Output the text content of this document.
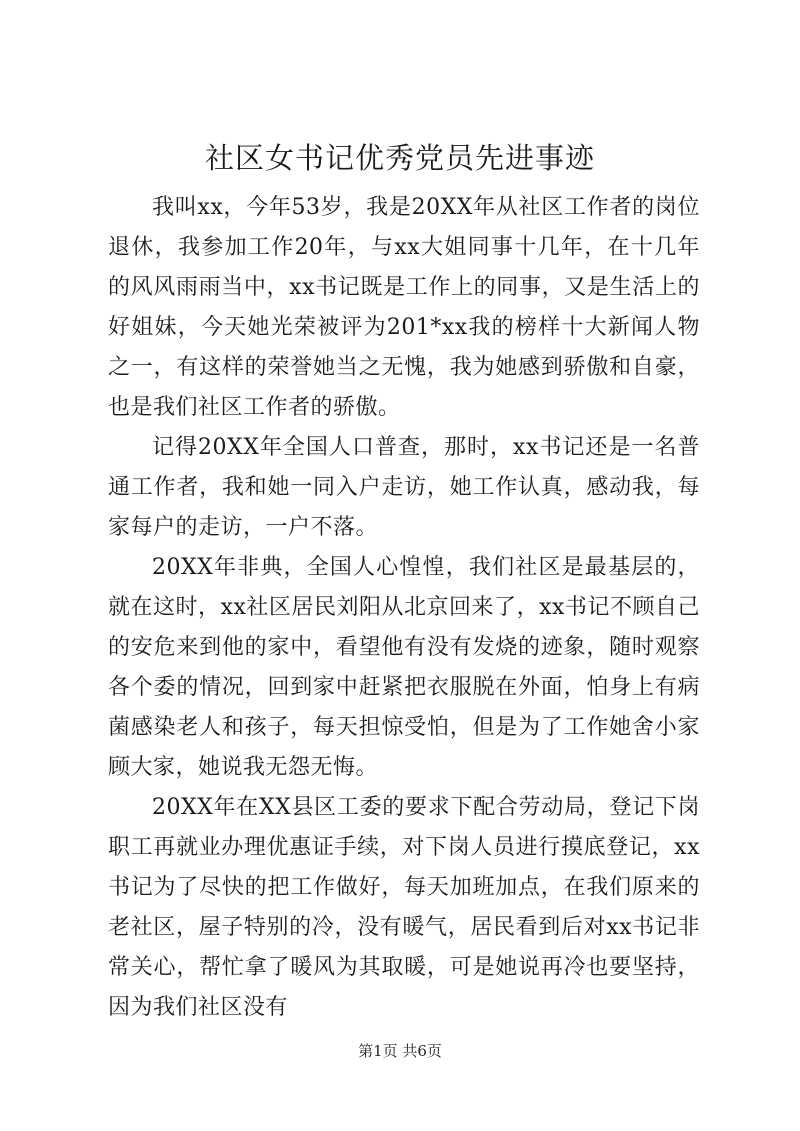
社区女书记优秀党员先进事迹

我叫xx，今年53岁，我是20XX年从社区工作者的岗位退休，我参加工作20年，与xx大姐同事十几年，在十几年的风风雨雨当中，xx书记既是工作上的同事，又是生活上的好姐妹，今天她光荣被评为201*xx我的榜样十大新闻人物之一，有这样的荣誉她当之无愧，我为她感到骄傲和自豪，也是我们社区工作者的骄傲。

记得20XX年全国人口普查，那时，xx书记还是一名普通工作者，我和她一同入户走访，她工作认真，感动我，每家每户的走访，一户不落。

20XX年非典，全国人心惶惶，我们社区是最基层的，就在这时，xx社区居民刘阳从北京回来了，xx书记不顾自己的安危来到他的家中，看望他有没有发烧的迹象，随时观察各个委的情况，回到家中赶紧把衣服脱在外面，怕身上有病菌感染老人和孩子，每天担惊受怕，但是为了工作她舍小家顾大家，她说我无怨无悔。

20XX年在XX县区工委的要求下配合劳动局，登记下岗职工再就业办理优惠证手续，对下岗人员进行摸底登记，xx书记为了尽快的把工作做好，每天加班加点，在我们原来的老社区，屋子特别的冷，没有暖气，居民看到后对xx书记非常关心，帮忙拿了暖风为其取暖，可是她说再冷也要坚持，因为我们社区没有

第1页 共6页
